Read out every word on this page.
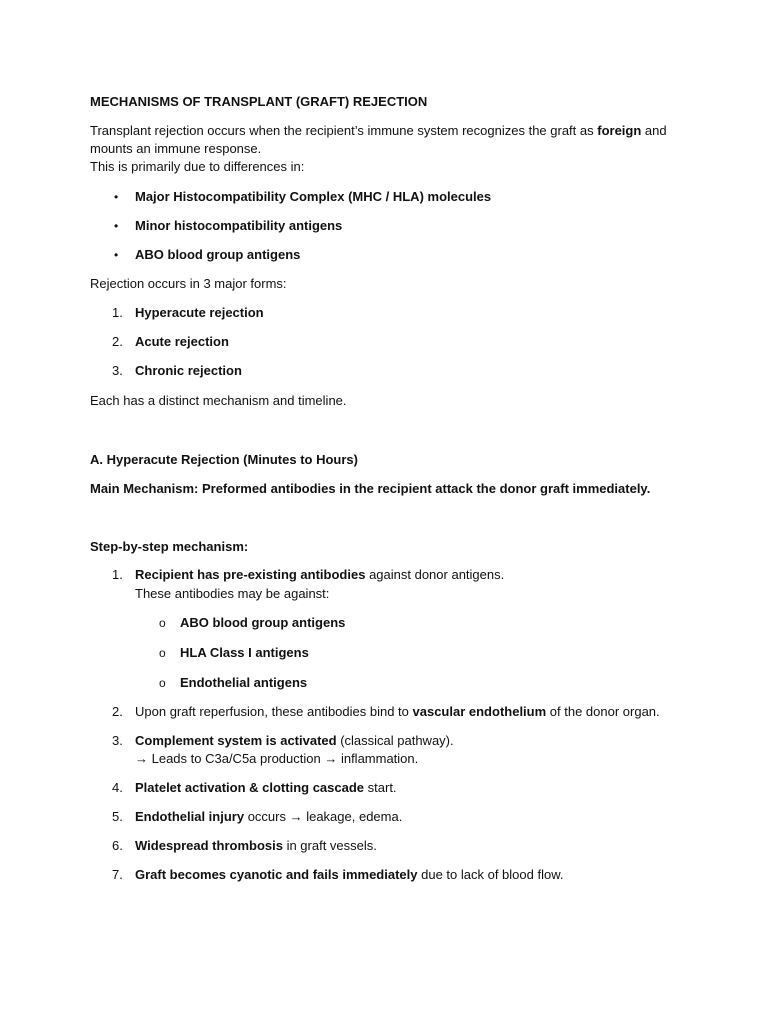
MECHANISMS OF TRANSPLANT (GRAFT) REJECTION
Transplant rejection occurs when the recipient’s immune system recognizes the graft as foreign and
mounts an immune response.
This is primarily due to differences in:
• Major Histocompatibility Complex (MHC / HLA) molecules
• Minor histocompatibility antigens
• ABO blood group antigens
Rejection occurs in 3 major forms:
1. Hyperacute rejection
2. Acute rejection
3. Chronic rejection
Each has a distinct mechanism and timeline.
A. Hyperacute Rejection (Minutes to Hours)
Main Mechanism: Preformed antibodies in the recipient attack the donor graft immediately.
Step-by-step mechanism:
1. Recipient has pre-existing antibodies against donor antigens.
These antibodies may be against:
o ABO blood group antigens
o HLA Class I antigens
o Endothelial antigens
2. Upon graft reperfusion, these antibodies bind to vascular endothelium of the donor organ.
3. Complement system is activated (classical pathway).
→ Leads to C3a/C5a production → inflammation.
4. Platelet activation & clotting cascade start.
5. Endothelial injury occurs → leakage, edema.
6. Widespread thrombosis in graft vessels.
7. Graft becomes cyanotic and fails immediately due to lack of blood flow.
